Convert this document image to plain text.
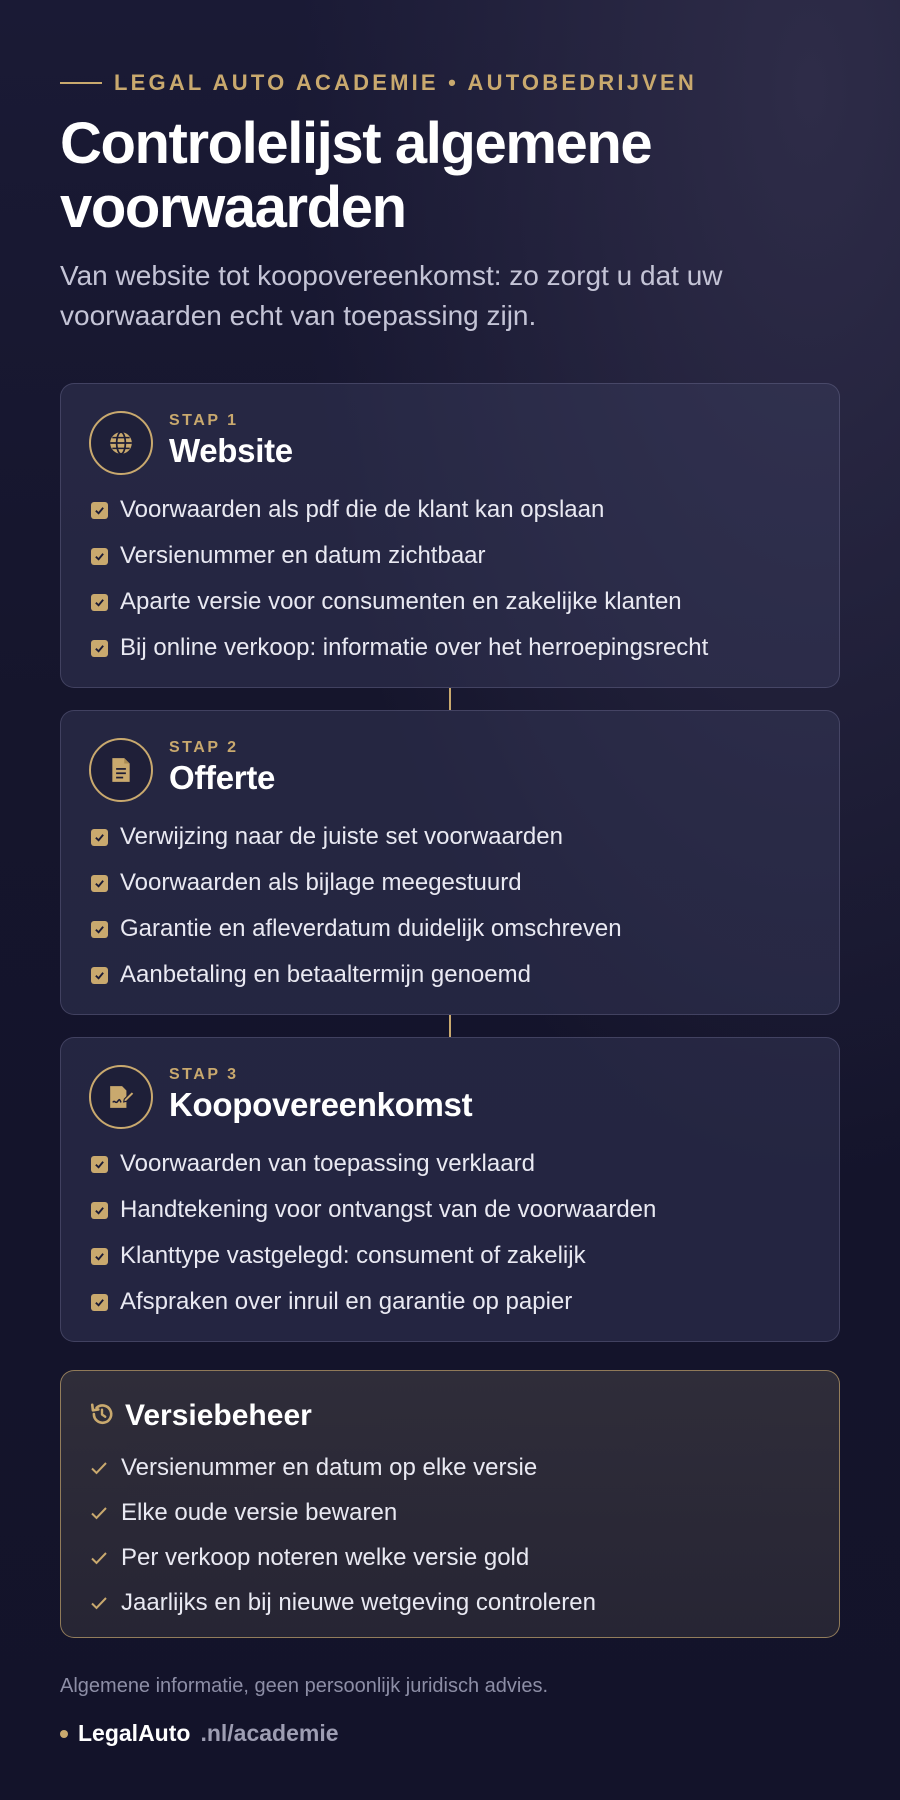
LEGAL AUTO ACADEMIE • AUTOBEDRIJVEN
Controlelijst algemene voorwaarden

Van website tot koopovereenkomst: zo zorgt u dat uw voorwaarden echt van toepassing zijn.

STAP 1
Website
Voorwaarden als pdf die de klant kan opslaan
Versienummer en datum zichtbaar
Aparte versie voor consumenten en zakelijke klanten
Bij online verkoop: informatie over het herroepingsrecht
STAP 2
Offerte
Verwijzing naar de juiste set voorwaarden
Voorwaarden als bijlage meegestuurd
Garantie en afleverdatum duidelijk omschreven
Aanbetaling en betaaltermijn genoemd
STAP 3
Koopovereenkomst
Voorwaarden van toepassing verklaard
Handtekening voor ontvangst van de voorwaarden
Klanttype vastgelegd: consument of zakelijk
Afspraken over inruil en garantie op papier
Versiebeheer
Versienummer en datum op elke versie
Elke oude versie bewaren
Per verkoop noteren welke versie gold
Jaarlijks en bij nieuwe wetgeving controleren

Algemene informatie, geen persoonlijk juridisch advies.

LegalAuto .nl/academie
